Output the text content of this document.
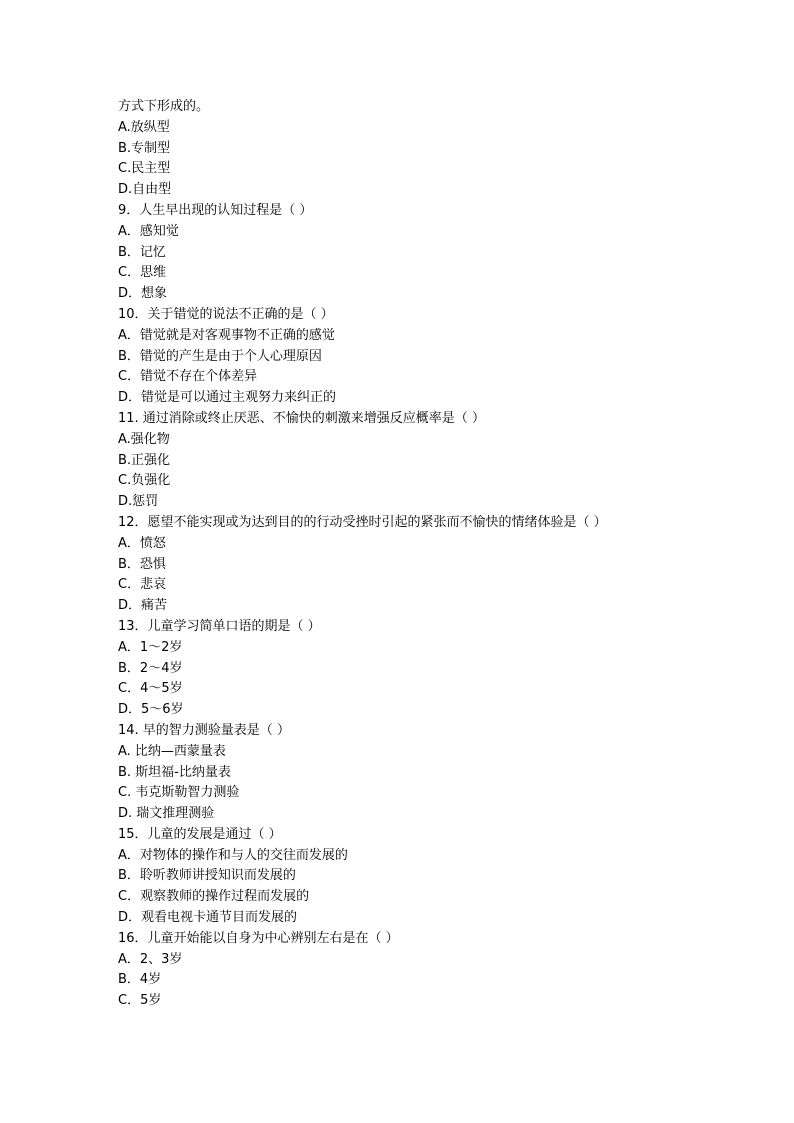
方式下形成的。
A.放纵型
B.专制型
C.民主型
D.自由型
9．人生早出现的认知过程是（ ）
A．感知觉
B．记忆
C．思维
D．想象
10．关于错觉的说法不正确的是（ ）
A．错觉就是对客观事物不正确的感觉
B．错觉的产生是由于个人心理原因
C．错觉不存在个体差异
D．错觉是可以通过主观努力来纠正的
11. 通过消除或终止厌恶、不愉快的刺激来增强反应概率是（ ）
A.强化物
B.正强化
C.负强化
D.惩罚
12．愿望不能实现或为达到目的的行动受挫时引起的紧张而不愉快的情绪体验是（ ）
A．愤怒
B．恐惧
C．悲哀
D．痛苦
13．儿童学习简单口语的期是（ ）
A．1～2岁
B．2～4岁
C．4～5岁
D．5～6岁
14. 早的智力测验量表是（ ）
A. 比纳—西蒙量表
B. 斯坦福-比纳量表
C. 韦克斯勒智力测验
D. 瑞文推理测验
15．儿童的发展是通过（ ）
A．对物体的操作和与人的交往而发展的
B．聆听教师讲授知识而发展的
C．观察教师的操作过程而发展的
D．观看电视卡通节目而发展的
16．儿童开始能以自身为中心辨别左右是在（ ）
A．2、3岁
B．4岁
C．5岁
